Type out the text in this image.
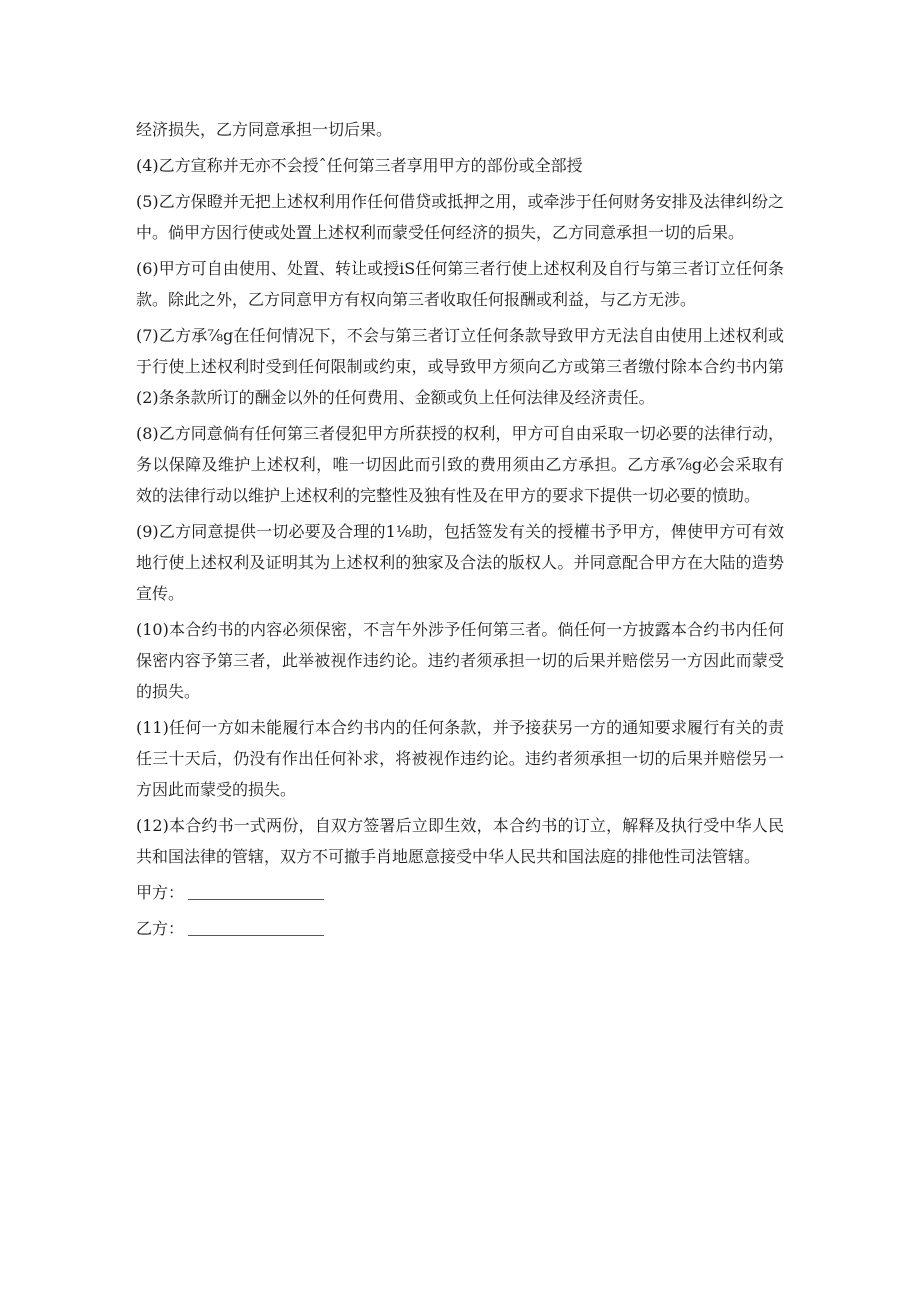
经济损失，乙方同意承担一切后果。

(4)乙方宣称并无亦不会授ˆ任何第三者享用甲方的部份或全部授

(5)乙方保瞪并无把上述权利用作任何借贷或抵押之用，或牵涉于任何财务安排及法律纠纷之中。倘甲方因行使或处置上述权利而蒙受任何经济的损失，乙方同意承担一切的后果。

(6)甲方可自由使用、处置、转让或授iS任何第三者行使上述权利及自行与第三者订立任何条款。除此之外，乙方同意甲方有权向第三者收取任何报酬或利益，与乙方无涉。

(7)乙方承⅞g在任何情况下，不会与第三者订立任何条款导致甲方无法自由使用上述权利或于行使上述权利时受到任何限制或约束，或导致甲方须向乙方或第三者缴付除本合约书内第(2)条条款所订的酬金以外的任何费用、金额或负上任何法律及经济责任。

(8)乙方同意倘有任何第三者侵犯甲方所获授的权利，甲方可自由采取一切必要的法律行动，务以保障及维护上述权利，唯一切因此而引致的费用须由乙方承担。乙方承⅞g必会采取有效的法律行动以维护上述权利的完整性及独有性及在甲方的要求下提供一切必要的愤助。

(9)乙方同意提供一切必要及合理的1⅛助，包括签发有关的授權书予甲方，俾使甲方可有效地行使上述权利及证明其为上述权利的独家及合法的版权人。并同意配合甲方在大陆的造势宣传。

(10)本合约书的内容必须保密，不言午外涉予任何第三者。倘任何一方披露本合约书内任何保密内容予第三者，此举被视作违约论。违约者须承担一切的后果并赔偿另一方因此而蒙受的损失。

(11)任何一方如未能履行本合约书内的任何条款，并予接获另一方的通知要求履行有关的责任三十天后，仍没有作出任何补求，将被视作违约论。违约者须承担一切的后果并赔偿另一方因此而蒙受的损失。

(12)本合约书一式两份，自双方签署后立即生效，本合约书的订立，解释及执行受中华人民共和国法律的管辖，双方不可撤手肖地愿意接受中华人民共和国法庭的排他性司法管辖。

甲方：
乙方：
